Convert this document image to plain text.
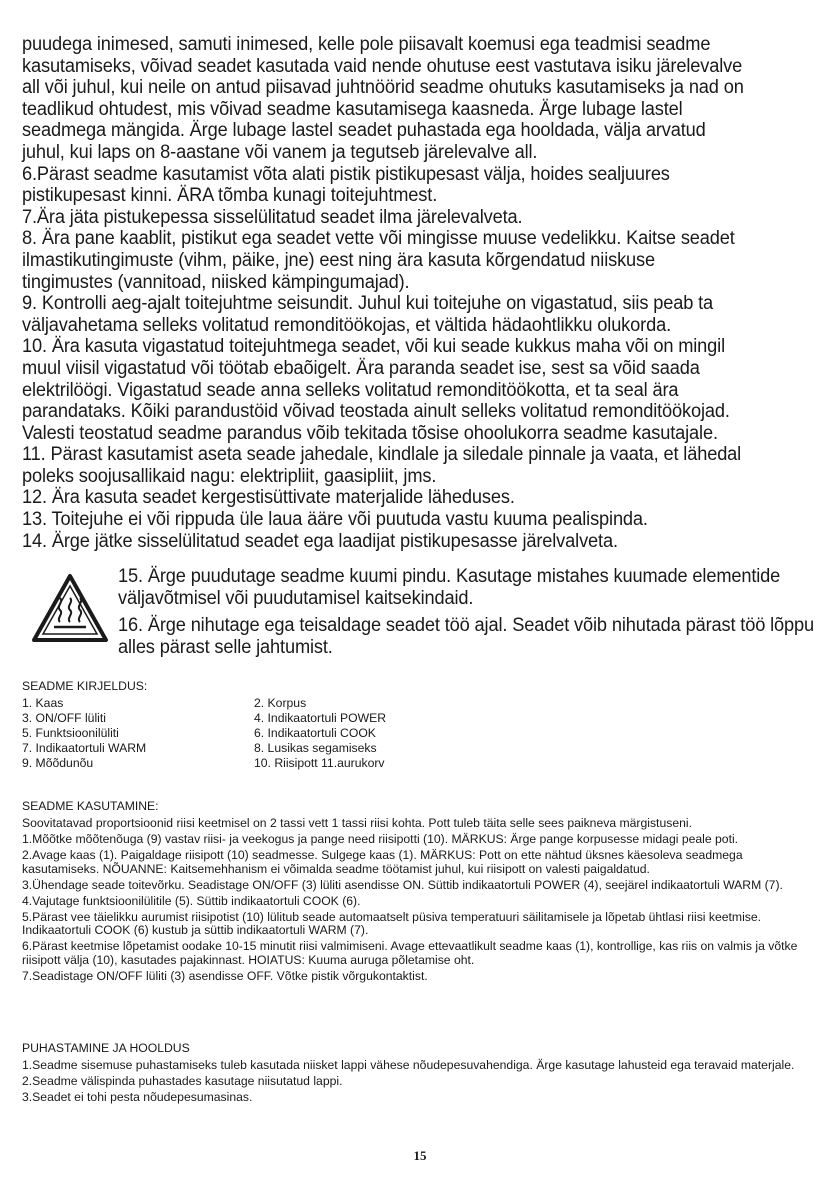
puudega inimesed, samuti inimesed, kelle pole piisavalt koemusi ega teadmisi seadme

kasutamiseks, võivad seadet kasutada vaid nende ohutuse eest vastutava isiku järelevalve

all või juhul, kui neile on antud piisavad juhtnöörid seadme ohutuks kasutamiseks ja nad on

teadlikud ohtudest, mis võivad seadme kasutamisega kaasneda. Ärge lubage lastel

seadmega mängida. Ärge lubage lastel seadet puhastada ega hooldada, välja arvatud

juhul, kui laps on 8-aastane või vanem ja tegutseb järelevalve all.

6.Pärast seadme kasutamist võta alati pistik pistikupesast välja, hoides sealjuures

pistikupesast kinni. ÄRA tõmba kunagi toitejuhtmest.

7.Ära jäta pistukepessa sisselülitatud seadet ilma järelevalveta.

8. Ära pane kaablit, pistikut ega seadet vette või mingisse muuse vedelikku. Kaitse seadet

ilmastikutingimuste (vihm, päike, jne) eest ning ära kasuta kõrgendatud niiskuse

tingimustes (vannitoad, niisked kämpingumajad).

9. Kontrolli aeg-ajalt toitejuhtme seisundit. Juhul kui toitejuhe on vigastatud, siis peab ta

väljavahetama selleks volitatud remonditöökojas, et vältida hädaohtlikku olukorda.

10. Ära kasuta vigastatud toitejuhtmega seadet, või kui seade kukkus maha või on mingil

muul viisil vigastatud või töötab ebaõigelt. Ära paranda seadet ise, sest sa võid saada

elektrilöögi. Vigastatud seade anna selleks volitatud remonditöökotta, et ta seal ära

parandataks. Kõiki parandustöid võivad teostada ainult selleks volitatud remonditöökojad.

Valesti teostatud seadme parandus võib tekitada tõsise ohoolukorra seadme kasutajale.

11. Pärast kasutamist aseta seade jahedale, kindlale ja siledale pinnale ja vaata, et lähedal

poleks soojusallikaid nagu: elektripliit, gaasipliit, jms.

12. Ära kasuta seadet kergestisüttivate materjalide läheduses.

13. Toitejuhe ei või rippuda üle laua ääre või puutuda vastu kuuma pealispinda.

14. Ärge jätke sisselülitatud seadet ega laadijat pistikupesasse järelvalveta.

15. Ärge puudutage seadme kuumi pindu. Kasutage mistahes kuumade elementide väljavõtmisel või puudutamisel kaitsekindaid.

16. Ärge nihutage ega teisaldage seadet töö ajal. Seadet võib nihutada pärast töö lõppu alles pärast selle jahtumist.

SEADME KIRJELDUS:
1. Kaas	2. Korpus
3. ON/OFF lüliti	4. Indikaatortuli POWER
5. Funktsioonilüliti	6. Indikaatortuli COOK
7. Indikaatortuli WARM	8. Lusikas segamiseks
9. Mõõdunõu	10. Riisipott 11.aurukorv
SEADME KASUTAMINE:

Soovitatavad proportsioonid riisi keetmisel on 2 tassi vett 1 tassi riisi kohta. Pott tuleb täita selle sees paikneva märgistuseni.

1.Mõõtke mõõtenõuga (9) vastav riisi- ja veekogus ja pange need riisipotti (10). MÄRKUS: Ärge pange korpusesse midagi peale poti.

2.Avage kaas (1). Paigaldage riisipott (10) seadmesse. Sulgege kaas (1). MÄRKUS: Pott on ette nähtud üksnes käesoleva seadmega kasutamiseks. NÕUANNE: Kaitsemehhanism ei võimalda seadme töötamist juhul, kui riisipott on valesti paigaldatud.

3.Ühendage seade toitevõrku. Seadistage ON/OFF (3) lüliti asendisse ON. Süttib indikaatortuli POWER (4), seejärel indikaatortuli WARM (7).

4.Vajutage funktsioonilülitile (5). Süttib indikaatortuli COOK (6).

5.Pärast vee täielikku aurumist riisipotist (10) lülitub seade automaatselt püsiva temperatuuri säilitamisele ja lõpetab ühtlasi riisi keetmise. Indikaatortuli COOK (6) kustub ja süttib indikaatortuli WARM (7).

6.Pärast keetmise lõpetamist oodake 10-15 minutit riisi valmimiseni. Avage ettevaatlikult seadme kaas (1), kontrollige, kas riis on valmis ja võtke riisipott välja (10), kasutades pajakinnast. HOIATUS: Kuuma auruga põletamise oht.

7.Seadistage ON/OFF lüliti (3) asendisse OFF. Võtke pistik võrgukontaktist.

PUHASTAMINE JA HOOLDUS

1.Seadme sisemuse puhastamiseks tuleb kasutada niisket lappi vähese nõudepesuvahendiga. Ärge kasutage lahusteid ega teravaid materjale.

2.Seadme välispinda puhastades kasutage niisutatud lappi.

3.Seadet ei tohi pesta nõudepesumasinas.

15
